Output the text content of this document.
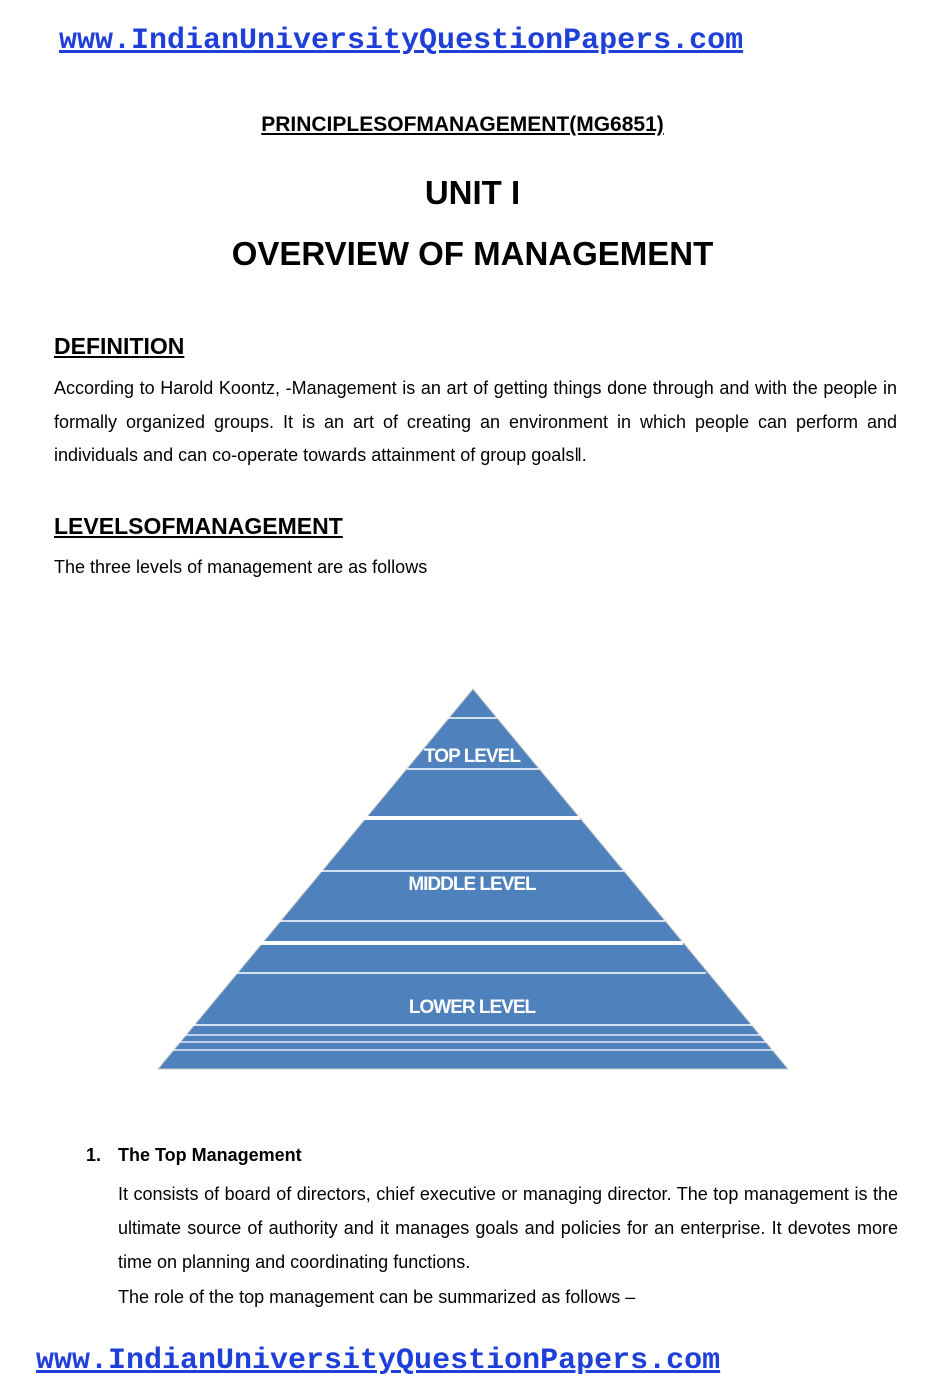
www.IndianUniversityQuestionPapers.com
PRINCIPLESOFMANAGEMENT(MG6851)
UNIT I
OVERVIEW OF MANAGEMENT
DEFINITION

According to Harold Koontz, -Management is an art of getting things done through and with the people in formally organized groups. It is an art of creating an environment in which people can perform and individuals and can co-operate towards attainment of group goals‖.

LEVELSOFMANAGEMENT

The three levels of management are as follows

TOP LEVEL
MIDDLE LEVEL
LOWER LEVEL
1. The Top Management

It consists of board of directors, chief executive or managing director. The top management is the ultimate source of authority and it manages goals and policies for an enterprise. It devotes more time on planning and coordinating functions.

The role of the top management can be summarized as follows –
www.IndianUniversityQuestionPapers.com
